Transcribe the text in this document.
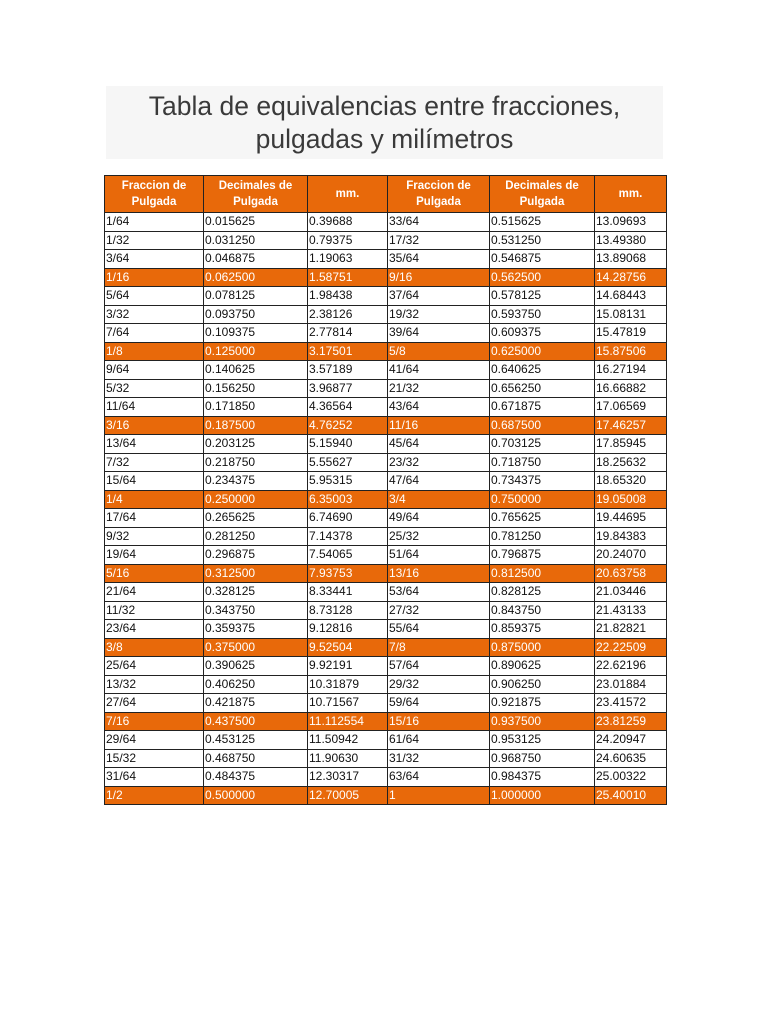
Tabla de equivalencias entre fracciones,
pulgadas y milímetros
Fraccion de Pulgada	Decimales de Pulgada	mm.	Fraccion de Pulgada	Decimales de Pulgada	mm.
1/64	0.015625	0.39688	33/64	0.515625	13.09693
1/32	0.031250	0.79375	17/32	0.531250	13.49380
3/64	0.046875	1.19063	35/64	0.546875	13.89068
1/16	0.062500	1.58751	9/16	0.562500	14.28756
5/64	0.078125	1.98438	37/64	0.578125	14.68443
3/32	0.093750	2.38126	19/32	0.593750	15.08131
7/64	0.109375	2.77814	39/64	0.609375	15.47819
1/8	0.125000	3.17501	5/8	0.625000	15.87506
9/64	0.140625	3.57189	41/64	0.640625	16.27194
5/32	0.156250	3.96877	21/32	0.656250	16.66882
11/64	0.171850	4.36564	43/64	0.671875	17.06569
3/16	0.187500	4.76252	11/16	0.687500	17.46257
13/64	0.203125	5.15940	45/64	0.703125	17.85945
7/32	0.218750	5.55627	23/32	0.718750	18.25632
15/64	0.234375	5.95315	47/64	0.734375	18.65320
1/4	0.250000	6.35003	3/4	0.750000	19.05008
17/64	0.265625	6.74690	49/64	0.765625	19.44695
9/32	0.281250	7.14378	25/32	0.781250	19.84383
19/64	0.296875	7.54065	51/64	0.796875	20.24070
5/16	0.312500	7.93753	13/16	0.812500	20.63758
21/64	0.328125	8.33441	53/64	0.828125	21.03446
11/32	0.343750	8.73128	27/32	0.843750	21.43133
23/64	0.359375	9.12816	55/64	0.859375	21.82821
3/8	0.375000	9.52504	7/8	0.875000	22.22509
25/64	0.390625	9.92191	57/64	0.890625	22.62196
13/32	0.406250	10.31879	29/32	0.906250	23.01884
27/64	0.421875	10.71567	59/64	0.921875	23.41572
7/16	0.437500	11.112554	15/16	0.937500	23.81259
29/64	0.453125	11.50942	61/64	0.953125	24.20947
15/32	0.468750	11.90630	31/32	0.968750	24.60635
31/64	0.484375	12.30317	63/64	0.984375	25.00322
1/2	0.500000	12.70005	1	1.000000	25.40010
